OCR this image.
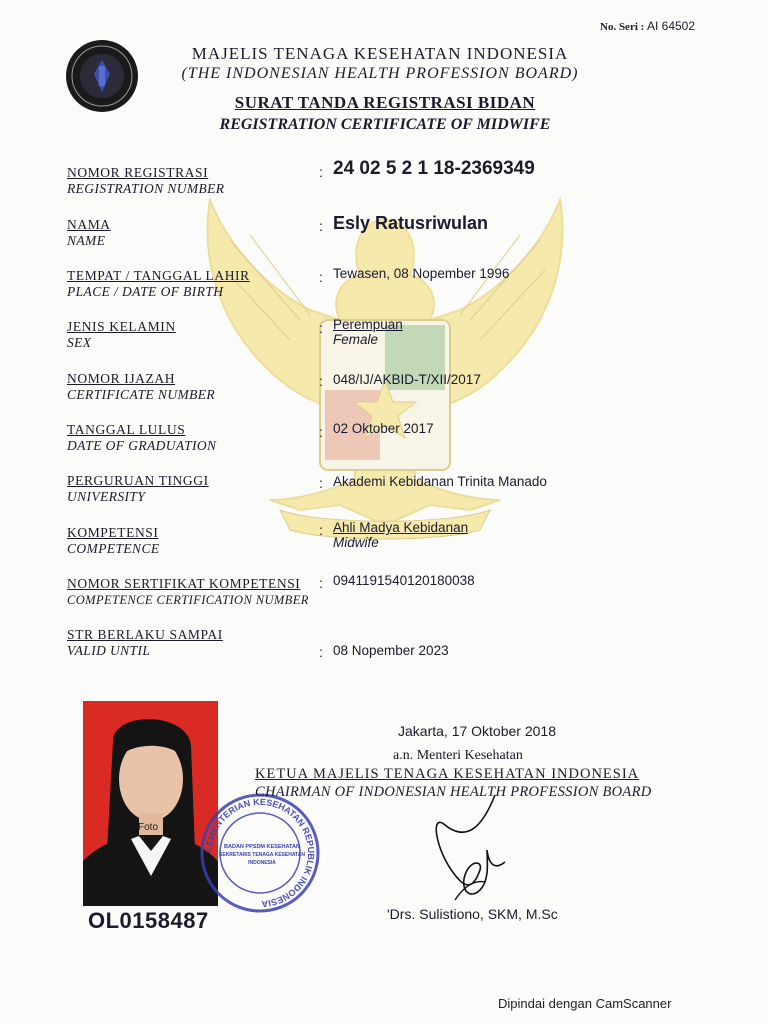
No. Seri : AI 64502
MAJELIS TENAGA KESEHATAN INDONESIA
(THE INDONESIAN HEALTH PROFESSION BOARD)
SURAT TANDA REGISTRASI BIDAN
REGISTRATION CERTIFICATE OF MIDWIFE
NOMOR REGISTRASI
REGISTRATION NUMBER
: 24 02 5 2 1 18-2369349
NAMA
NAME
: Esly Ratusriwulan
TEMPAT / TANGGAL LAHIR
PLACE / DATE OF BIRTH
: Tewasen, 08 Nopember 1996
JENIS KELAMIN
SEX
: Perempuan
Female
NOMOR IJAZAH
CERTIFICATE NUMBER
: 048/IJ/AKBID-T/XII/2017
TANGGAL LULUS
DATE OF GRADUATION
: 02 Oktober 2017
PERGURUAN TINGGI
UNIVERSITY
: Akademi Kebidanan Trinita Manado
KOMPETENSI
COMPETENCE
: Ahli Madya Kebidanan
Midwife
NOMOR SERTIFIKAT KOMPETENSI
COMPETENCE CERTIFICATION NUMBER
: 0941191540120180038
STR BERLAKU SAMPAI
VALID UNTIL	: 08 Nopember 2023
Foto
OL0158487
KEMENTERIAN KESEHATAN REPUBLIK INDONESIA
BADAN PPSDM KESEHATAN
SEKRETARIS TENAGA KESEHATAN
INDONESIA
Jakarta, 17 Oktober 2018
a.n. Menteri Kesehatan
KETUA MAJELIS TENAGA KESEHATAN INDONESIA
CHAIRMAN OF INDONESIAN HEALTH PROFESSION BOARD
'Drs. Sulistiono, SKM, M.Sc
Dipindai dengan CamScanner
